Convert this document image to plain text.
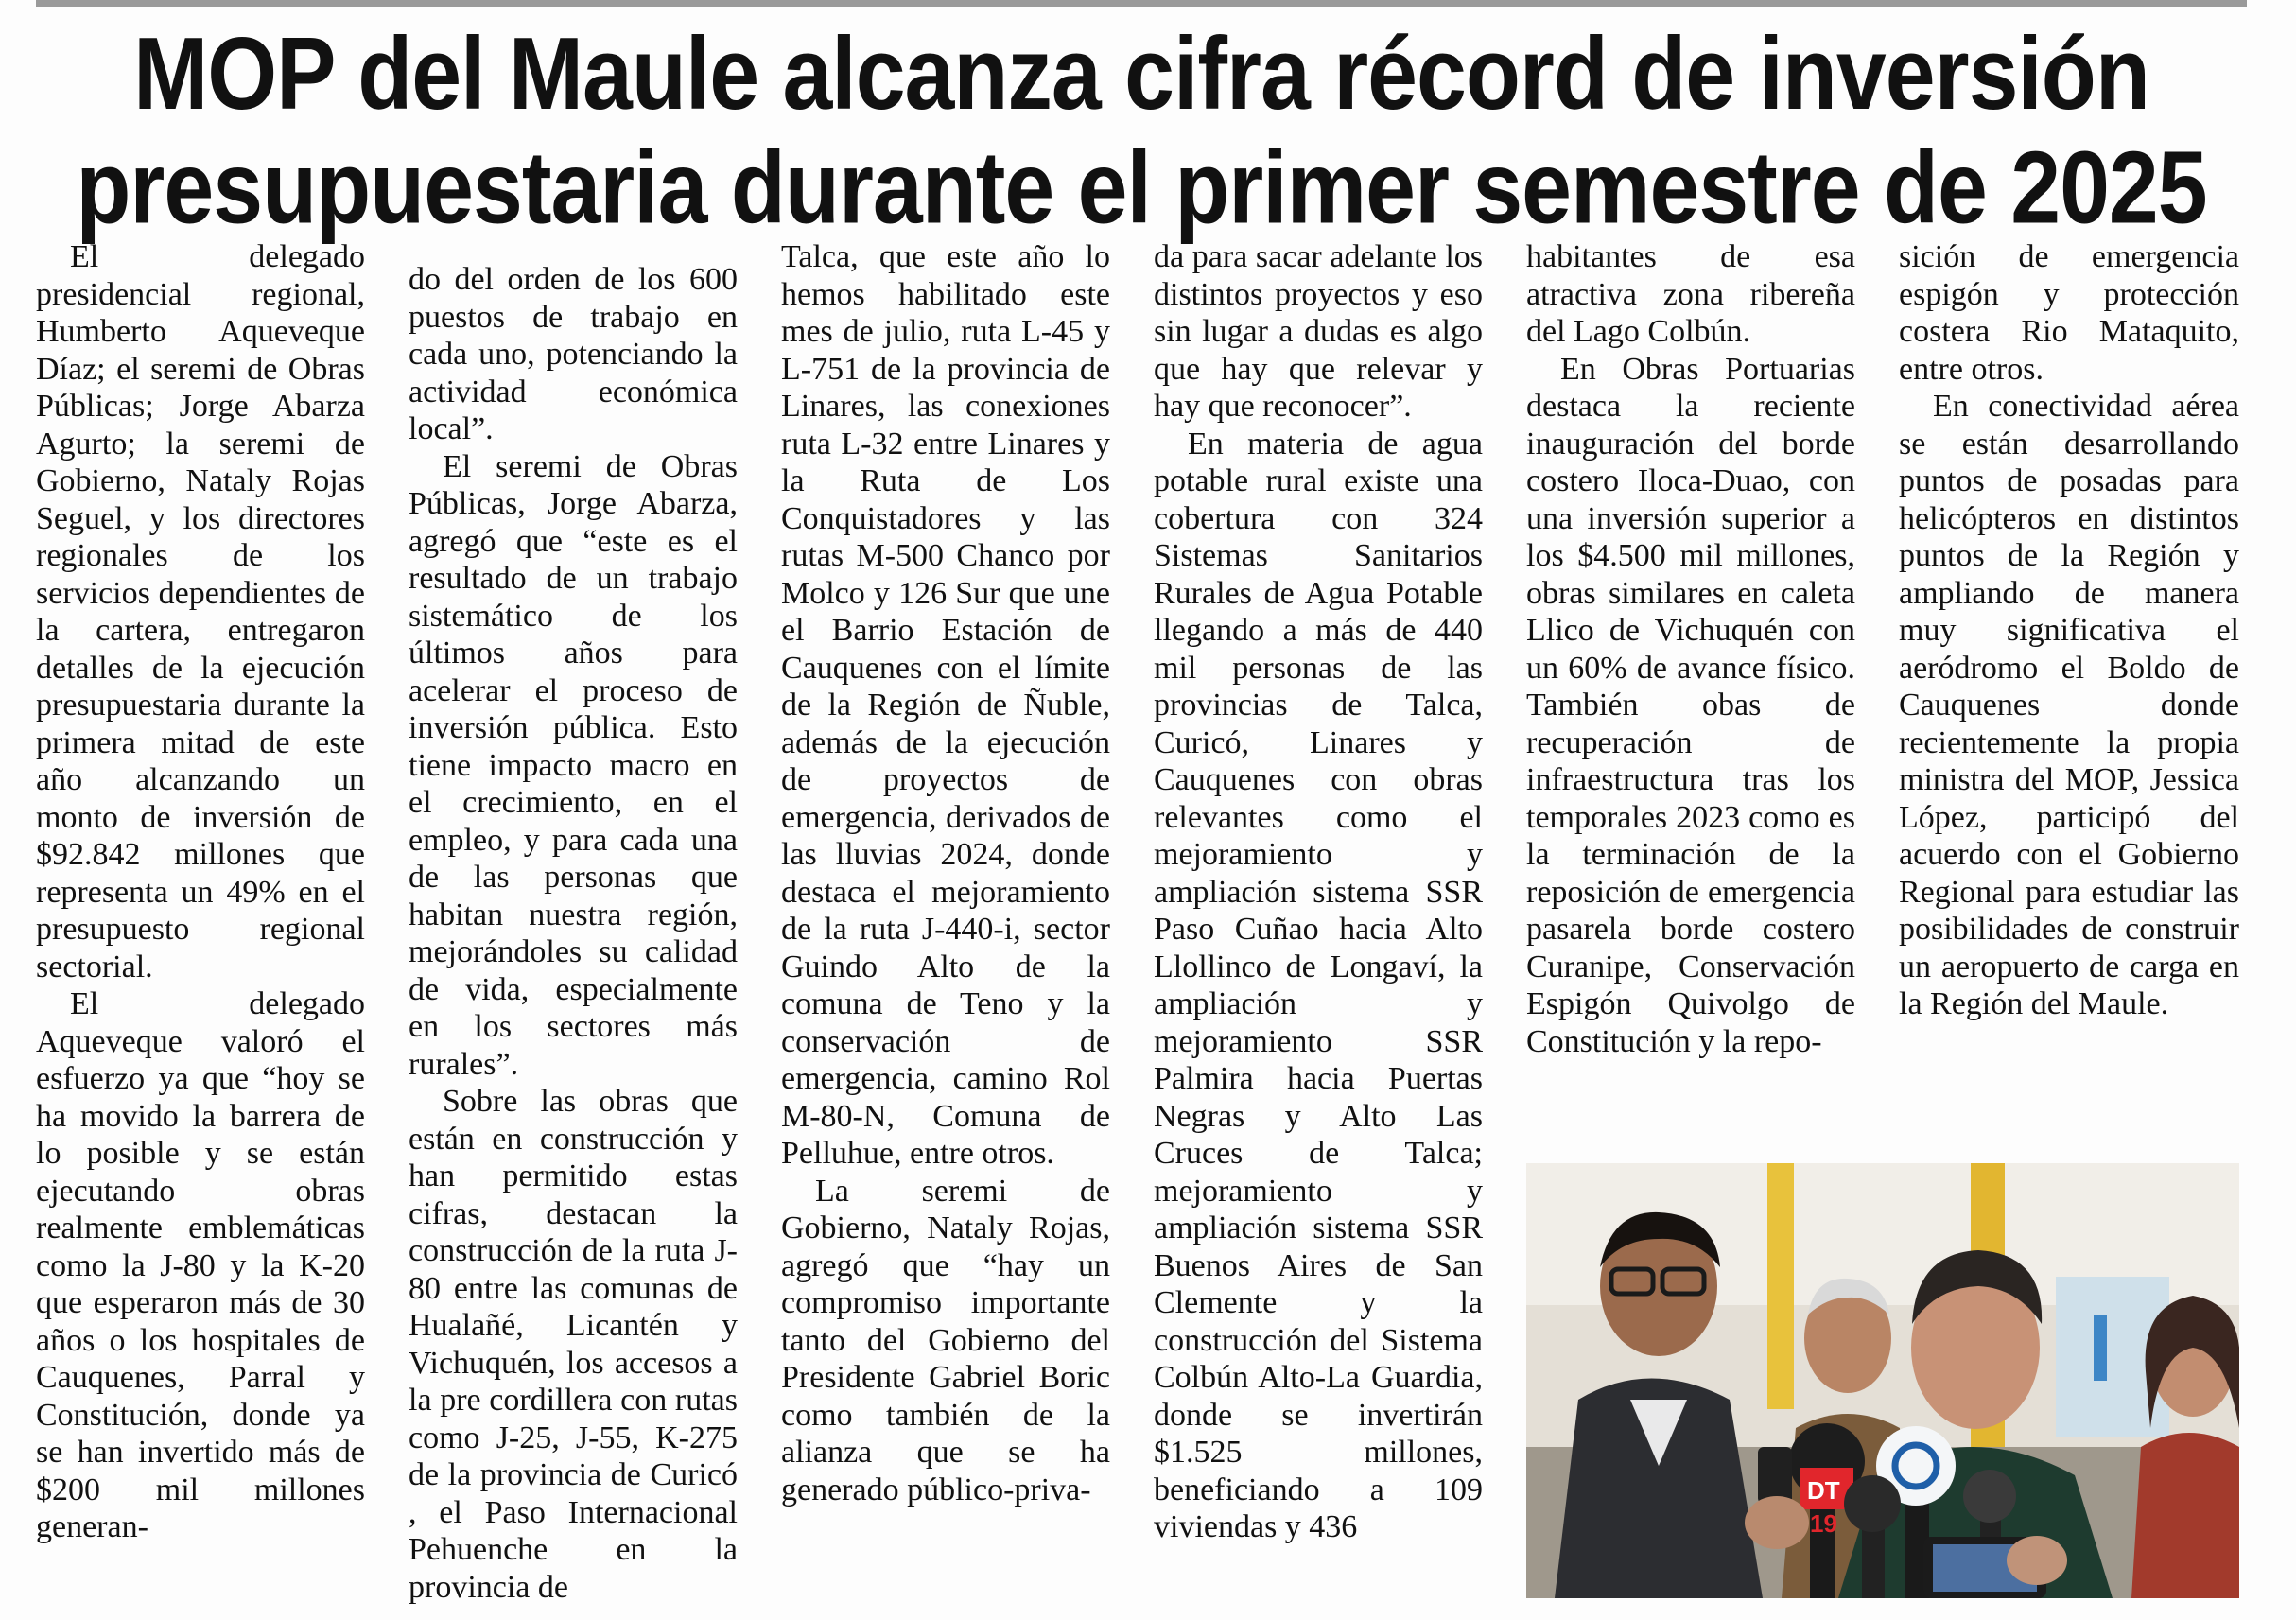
MOP del Maule alcanza cifra récord de inversión
presupuestaria durante el primer semestre de 2025

El delegado presidencial regional, Humberto Aqueveque Díaz; el seremi de Obras Públicas; Jorge Abarza Agurto; la seremi de Gobierno, Nataly Rojas Seguel, y los directores regionales de los servicios dependientes de la cartera, entregaron detalles de la ejecución presupuestaria durante la primera mitad de este año alcanzando un monto de inversión de $92.842 millones que representa un 49% en el presupuesto regional sectorial.

El delegado Aqueveque valoró el esfuerzo ya que “hoy se ha movido la barrera de lo posible y se están ejecutando obras realmente emblemáticas como la J-80 y la K-20 que esperaron más de 30 años o los hospitales de Cauquenes, Parral y Constitución, donde ya se han invertido más de $200 mil millones generan-

do del orden de los 600 puestos de trabajo en cada uno, potenciando la actividad económica local”.

El seremi de Obras Públicas, Jorge Abarza, agregó que “este es el resultado de un trabajo sistemático de los últimos años para acelerar el proceso de inversión pública. Esto tiene impacto macro en el crecimiento, en el empleo, y para cada una de las personas que habitan nuestra región, mejorándoles su calidad de vida, especialmente en los sectores más rurales”.

Sobre las obras que están en construcción y han permitido estas cifras, destacan la construcción de la ruta J-80 entre las comunas de Hualañé, Licantén y Vichuquén, los accesos a la pre cordillera con rutas como J-25, J-55, K-275 de la provincia de Curicó , el Paso Internacional Pehuenche en la provincia de

Talca, que este año lo hemos habilitado este mes de julio, ruta L-45 y L-751 de la provincia de Linares, las conexiones ruta L-32 entre Linares y la Ruta de Los Conquistadores y las rutas M-500 Chanco por Molco y 126 Sur que une el Barrio Estación de Cauquenes con el límite de la Región de Ñuble, además de la ejecución de proyectos de emergencia, derivados de las lluvias 2024, donde destaca el mejoramiento de la ruta J-440-i, sector Guindo Alto de la comuna de Teno y la conservación de emergencia, camino Rol M-80-N, Comuna de Pelluhue, entre otros.

La seremi de Gobierno, Nataly Rojas, agregó que “hay un compromiso importante tanto del Gobierno del Presidente Gabriel Boric como también de la alianza que se ha generado público-priva-

da para sacar adelante los distintos proyectos y eso sin lugar a dudas es algo que hay que relevar y hay que reconocer”.

En materia de agua potable rural existe una cobertura con 324 Sistemas Sanitarios Rurales de Agua Potable llegando a más de 440 mil personas de las provincias de Talca, Curicó, Linares y Cauquenes con obras relevantes como el mejoramiento y ampliación sistema SSR Paso Cuñao hacia Alto Llollinco de Longaví, la ampliación y mejoramiento SSR Palmira hacia Puertas Negras y Alto Las Cruces de Talca; mejoramiento y ampliación sistema SSR Buenos Aires de San Clemente y la construcción del Sistema Colbún Alto-La Guardia, donde se invertirán $1.525 millones, beneficiando a 109 viviendas y 436

habitantes de esa atractiva zona ribereña del Lago Colbún.

En Obras Portuarias destaca la reciente inauguración del borde costero Iloca-Duao, con una inversión superior a los $4.500 mil millones, obras similares en caleta Llico de Vichuquén con un 60% de avance físico. También obas de recuperación de infraestructura tras los temporales 2023 como es la terminación de la reposición de emergencia pasarela borde costero Curanipe, Conservación Espigón Quivolgo de Constitución y la repo-

sición de emergencia espigón y protección costera Rio Mataquito, entre otros.

En conectividad aérea se están desarrollando puntos de posadas para helicópteros en distintos puntos de la Región y ampliando de manera muy significativa el aeródromo el Boldo de Cauquenes donde recientemente la propia ministra del MOP, Jessica López, participó del acuerdo con el Gobierno Regional para estudiar las posibilidades de construir un aeropuerto de carga en la Región del Maule.

DT
19
